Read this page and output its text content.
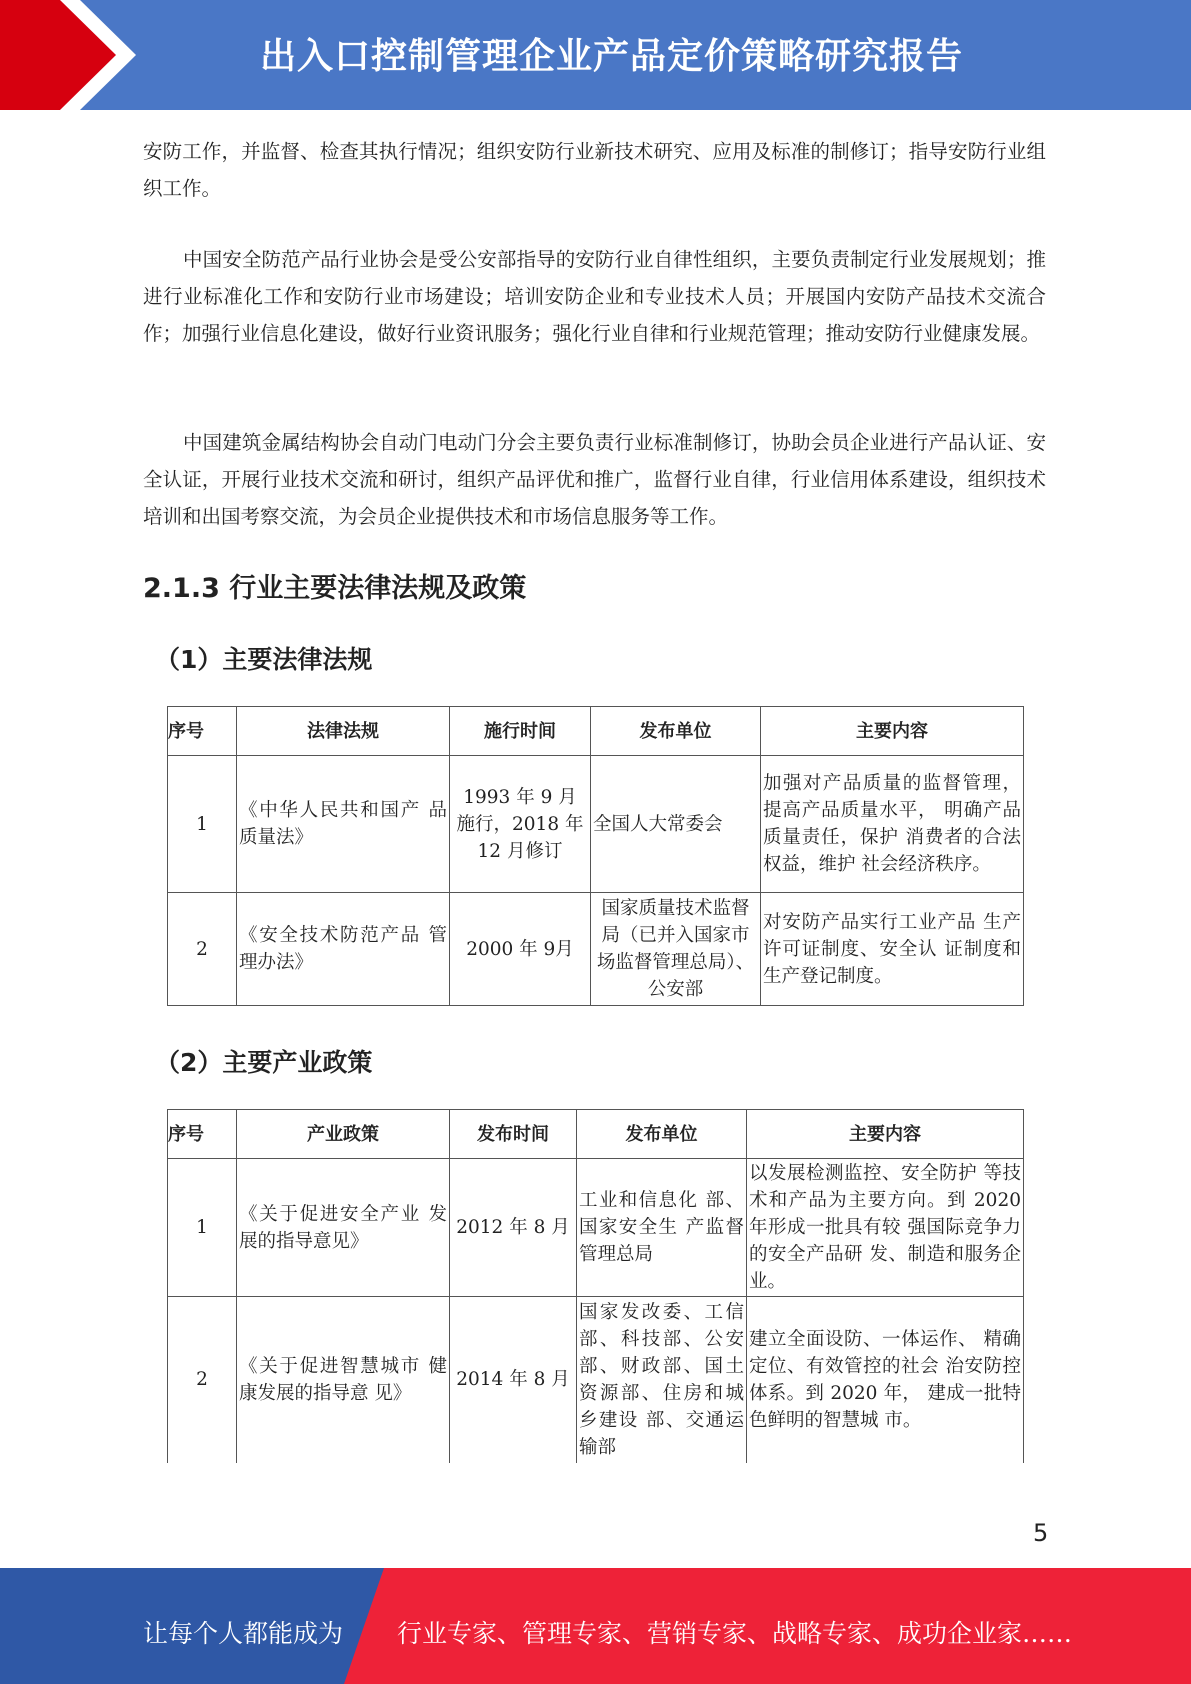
出入口控制管理企业产品定价策略研究报告

安防工作，并监督、检查其执行情况；组织安防行业新技术研究、应用及标准的制修订；指导安防行业组织工作。

中国安全防范产品行业协会是受公安部指导的安防行业自律性组织，主要负责制定行业发展规划；推进行业标准化工作和安防行业市场建设；培训安防企业和专业技术人员；开展国内安防产品技术交流合作；加强行业信息化建设，做好行业资讯服务；强化行业自律和行业规范管理；推动安防行业健康发展。

中国建筑金属结构协会自动门电动门分会主要负责行业标准制修订，协助会员企业进行产品认证、安全认证，开展行业技术交流和研讨，组织产品评优和推广，监督行业自律，行业信用体系建设，组织技术培训和出国考察交流，为会员企业提供技术和市场信息服务等工作。

2.1.3 行业主要法律法规及政策
（1）主要法律法规
序号	法律法规	施行时间	发布单位	主要内容
1	《中华人民共和国产 品质量法》	1993 年 9 月 施行，2018 年 12 月修订	全国人大常委会	加强对产品质量的监督管理，提高产品质量水平， 明确产品质量责任，保护 消费者的合法权益，维护 社会经济秩序。
2	《安全技术防范产品 管理办法》	2000 年 9月	国家质量技术监督局（已并入国家市场监督管理总局）、公安部	对安防产品实行工业产品 生产许可证制度、安全认 证制度和生产登记制度。
（2）主要产业政策
序号	产业政策	发布时间	发布单位	主要内容
1	《关于促进安全产业 发展的指导意见》	2012 年 8 月	工业和信息化 部、国家安全生 产监督管理总局	以发展检测监控、安全防护 等技术和产品为主要方向。到 2020 年形成一批具有较 强国际竞争力的安全产品研 发、制造和服务企业。
2	《关于促进智慧城市 健康发展的指导意 见》	2014 年 8 月	国家发改委、工信部、科技部、公安部、财政部、国土资源部、住房和城乡建设 部、交通运输部	建立全面设防、一体运作、 精确定位、有效管控的社会 治安防控体系。到 2020 年， 建成一批特色鲜明的智慧城 市。
5
让每个人都能成为 行业专家、管理专家、营销专家、战略专家、成功企业家……
